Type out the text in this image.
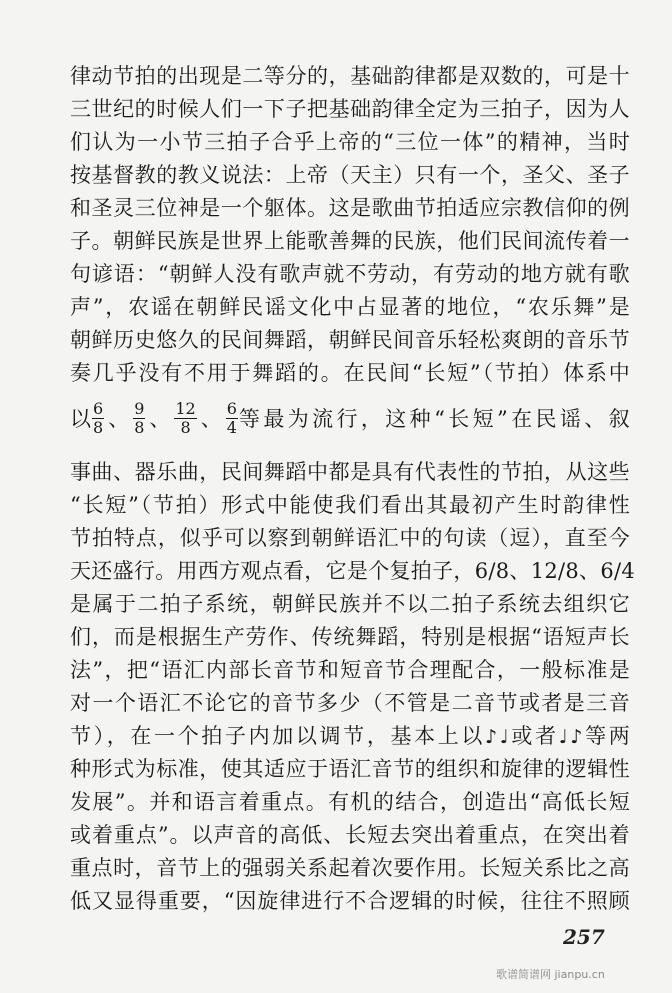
律动节拍的出现是二等分的，基础韵律都是双数的，可是十
三世纪的时候人们一下子把基础韵律全定为三拍子，因为人
们认为一小节三拍子合乎上帝的“三位一体”的精神，当时
按基督教的教义说法：上帝（天主）只有一个，圣父、圣子
和圣灵三位神是一个躯体。这是歌曲节拍适应宗教信仰的例
子。朝鲜民族是世界上能歌善舞的民族，他们民间流传着一
句谚语：“朝鲜人没有歌声就不劳动，有劳动的地方就有歌
声”，农谣在朝鲜民谣文化中占显著的地位，“农乐舞”是
朝鲜历史悠久的民间舞蹈，朝鲜民间音乐轻松爽朗的音乐节
奏几乎没有不用于舞蹈的。在民间“长短”（节拍）体系中
以 $\frac{6}{8}$ 、 $\frac{9}{8}$ 、 $\frac{12}{8}$ 、 $\frac{6}{4}$ 等最为流行，这种“长短”在民谣、叙
事曲、器乐曲，民间舞蹈中都是具有代表性的节拍，从这些
“长短”（节拍）形式中能使我们看出其最初产生时韵律性
节拍特点，似乎可以察到朝鲜语汇中的句读（逗），直至今
天还盛行。用西方观点看，它是个复拍子，6/8、12/8、6/4
是属于二拍子系统，朝鲜民族并不以二拍子系统去组织它
们，而是根据生产劳作、传统舞蹈，特别是根据“语短声长
法”，把“语汇内部长音节和短音节合理配合，一般标准是
对一个语汇不论它的音节多少（不管是二音节或者是三音
节），在一个拍子内加以调节，基本上以♪♩或者♩♪等两
种形式为标准，使其适应于语汇音节的组织和旋律的逻辑性
发展”。并和语言着重点。有机的结合，创造出“高低长短
或着重点”。以声音的高低、长短去突出着重点，在突出着
重点时，音节上的强弱关系起着次要作用。长短关系比之高
低又显得重要，“因旋律进行不合逻辑的时候，往往不照顾
257
歌谱简谱网 jianpu.cn
